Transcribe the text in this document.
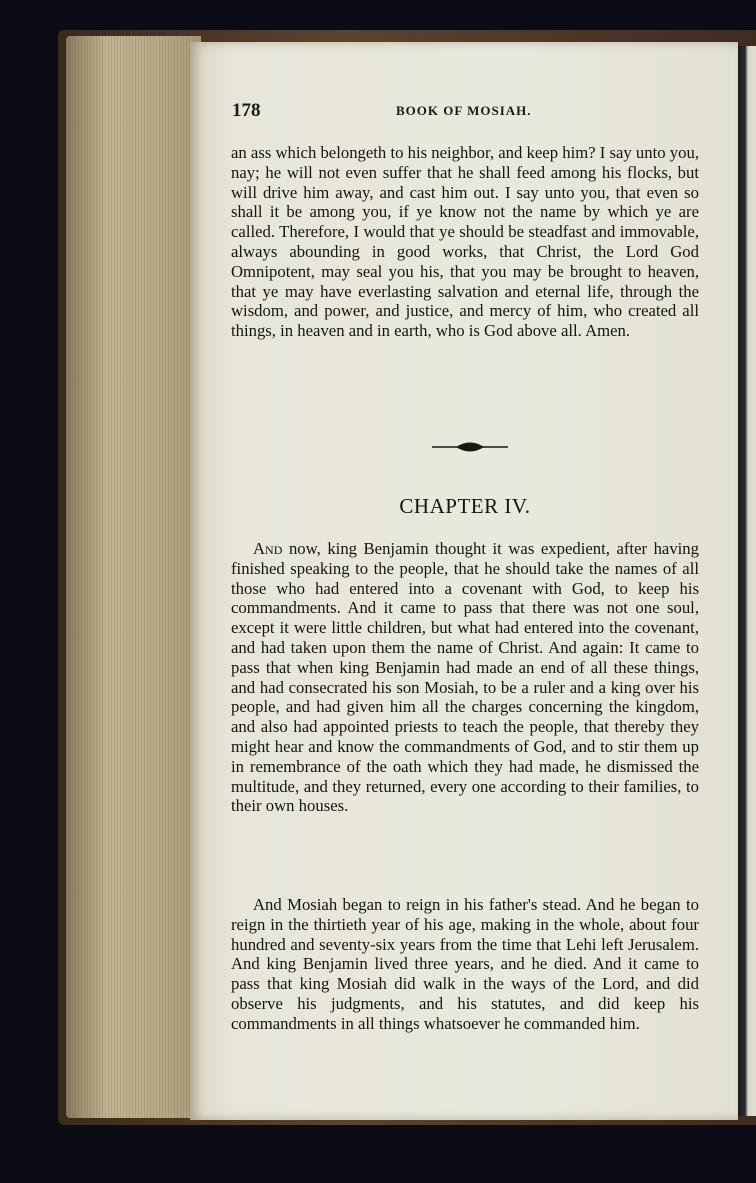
178	BOOK OF MOSIAH.

an ass which belongeth to his neighbor, and keep him? I say unto you, nay; he will not even suffer that he shall feed among his flocks, but will drive him away, and cast him out. I say unto you, that even so shall it be among you, if ye know not the name by which ye are called. Therefore, I would that ye should be steadfast and immovable, always abounding in good works, that Christ, the Lord God Omnipotent, may seal you his, that you may be brought to heaven, that ye may have everlasting salvation and eternal life, through the wisdom, and power, and justice, and mercy of him, who created all things, in heaven and in earth, who is God above all. Amen.

CHAPTER IV.

And now, king Benjamin thought it was expedient, after having finished speaking to the people, that he should take the names of all those who had entered into a covenant with God, to keep his commandments. And it came to pass that there was not one soul, except it were little children, but what had entered into the covenant, and had taken upon them the name of Christ. And again: It came to pass that when king Benjamin had made an end of all these things, and had consecrated his son Mosiah, to be a ruler and a king over his people, and had given him all the charges concerning the kingdom, and also had appointed priests to teach the people, that thereby they might hear and know the commandments of God, and to stir them up in remembrance of the oath which they had made, he dismissed the multitude, and they returned, every one according to their families, to their own houses.

And Mosiah began to reign in his father's stead. And he began to reign in the thirtieth year of his age, making in the whole, about four hundred and seventy-six years from the time that Lehi left Jerusalem. And king Benjamin lived three years, and he died. And it came to pass that king Mosiah did walk in the ways of the Lord, and did observe his judgments, and his statutes, and did keep his commandments in all things whatsoever he commanded him.
